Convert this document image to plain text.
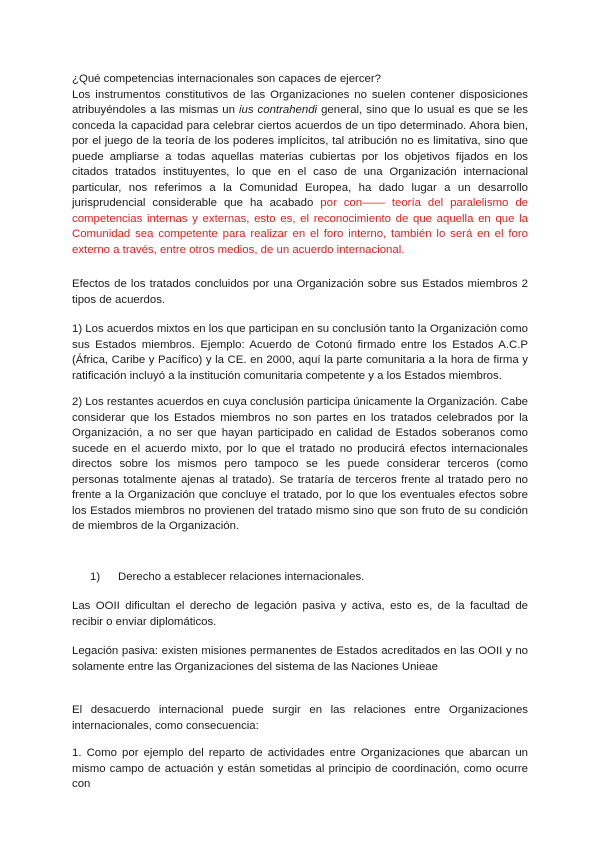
¿Qué competencias internacionales son capaces de ejercer?
Los instrumentos constitutivos de las Organizaciones no suelen contener disposiciones atribuyéndoles a las mismas un ius contrahendi general, sino que lo usual es que se les conceda la capacidad para celebrar ciertos acuerdos de un tipo determinado. Ahora bien, por el juego de la teoría de los poderes implícitos, tal atribución no es limitativa, sino que puede ampliarse a todas aquellas materias cubiertas por los objetivos fijados en los citados tratados instituyentes, lo que en el caso de una Organización internacional particular, nos referimos a la Comunidad Europea, ha dado lugar a un desarrollo jurisprudencial considerable que ha acabado por con—— teoría del paralelismo de competencias internas y externas, esto es, el reconocimiento de que aquella en que la Comunidad sea competente para realizar en el foro interno, también lo será en el foro externo a través, entre otros medios, de un acuerdo internacional.

Efectos de los tratados concluidos por una Organización sobre sus Estados miembros 2 tipos de acuerdos.

1) Los acuerdos mixtos en los que participan en su conclusión tanto la Organización como sus Estados miembros. Ejemplo: Acuerdo de Cotonú firmado entre los Estados A.C.P (África, Caribe y Pacífico) y la CE. en 2000, aquí la parte comunitaria a la hora de firma y ratificación incluyó a la institución comunitaria competente y a los Estados miembros.

2) Los restantes acuerdos en cuya conclusión participa únicamente la Organización. Cabe considerar que los Estados miembros no son partes en los tratados celebrados por la Organización, a no ser que hayan participado en calidad de Estados soberanos como sucede en el acuerdo mixto, por lo que el tratado no producirá efectos internacionales directos sobre los mismos pero tampoco se les puede considerar terceros (como personas totalmente ajenas al tratado). Se trataría de terceros frente al tratado pero no frente a la Organización que concluye el tratado, por lo que los eventuales efectos sobre los Estados miembros no provienen del tratado mismo sino que son fruto de su condición de miembros de la Organización.

1) Derecho a establecer relaciones internacionales.

Las OOII dificultan el derecho de legación pasiva y activa, esto es, de la facultad de recibir o enviar diplomáticos.

Legación pasiva: existen misiones permanentes de Estados acreditados en las OOII y no solamente entre las Organizaciones del sistema de las Naciones Unieae

El desacuerdo internacional puede surgir en las relaciones entre Organizaciones internacionales, como consecuencia:

1. Como por ejemplo del reparto de actividades entre Organizaciones que abarcan un mismo campo de actuación y están sometidas al principio de coordinación, como ocurre con
